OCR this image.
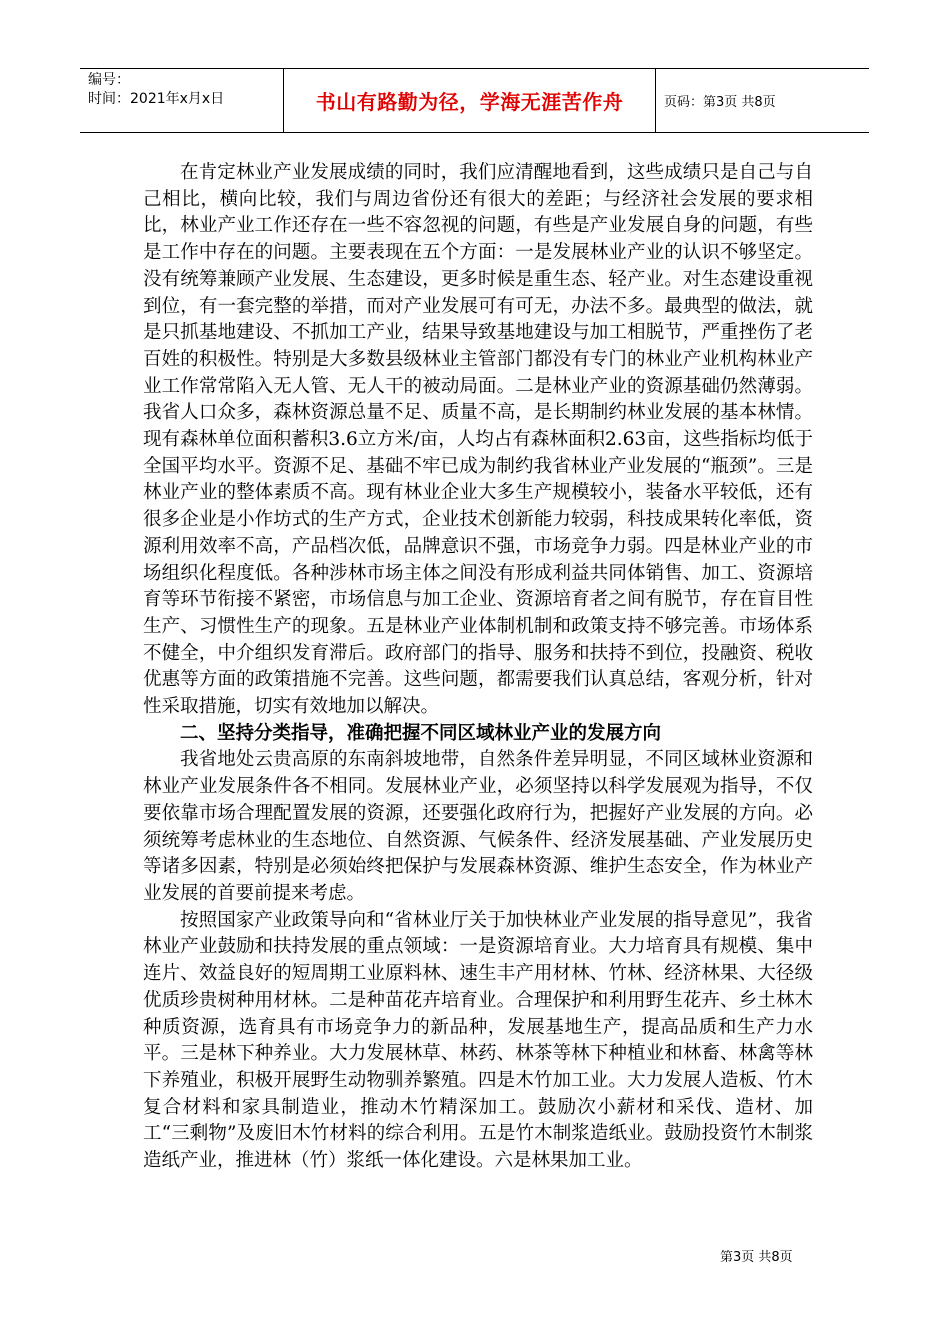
编号：
时间：2021年x月x日	书山有路勤为径，学海无涯苦作舟	页码：第3页 共8页

在肯定林业产业发展成绩的同时，我们应清醒地看到，这些成绩只是自己与自己相比，横向比较，我们与周边省份还有很大的差距；与经济社会发展的要求相比，林业产业工作还存在一些不容忽视的问题，有些是产业发展自身的问题，有些是工作中存在的问题。主要表现在五个方面：一是发展林业产业的认识不够坚定。没有统筹兼顾产业发展、生态建设，更多时候是重生态、轻产业。对生态建设重视到位，有一套完整的举措，而对产业发展可有可无，办法不多。最典型的做法，就是只抓基地建设、不抓加工产业，结果导致基地建设与加工相脱节，严重挫伤了老百姓的积极性。特别是大多数县级林业主管部门都没有专门的林业产业机构林业产业工作常常陷入无人管、无人干的被动局面。二是林业产业的资源基础仍然薄弱。我省人口众多，森林资源总量不足、质量不高，是长期制约林业发展的基本林情。现有森林单位面积蓄积3.6立方米/亩，人均占有森林面积2.63亩，这些指标均低于全国平均水平。资源不足、基础不牢已成为制约我省林业产业发展的“瓶颈”。三是林业产业的整体素质不高。现有林业企业大多生产规模较小，装备水平较低，还有很多企业是小作坊式的生产方式，企业技术创新能力较弱，科技成果转化率低，资源利用效率不高，产品档次低，品牌意识不强，市场竞争力弱。四是林业产业的市场组织化程度低。各种涉林市场主体之间没有形成利益共同体销售、加工、资源培育等环节衔接不紧密，市场信息与加工企业、资源培育者之间有脱节，存在盲目性生产、习惯性生产的现象。五是林业产业体制机制和政策支持不够完善。市场体系不健全，中介组织发育滞后。政府部门的指导、服务和扶持不到位，投融资、税收优惠等方面的政策措施不完善。这些问题，都需要我们认真总结，客观分析，针对性采取措施，切实有效地加以解决。

二、坚持分类指导，准确把握不同区域林业产业的发展方向

我省地处云贵高原的东南斜坡地带，自然条件差异明显，不同区域林业资源和林业产业发展条件各不相同。发展林业产业，必须坚持以科学发展观为指导，不仅要依靠市场合理配置发展的资源，还要强化政府行为，把握好产业发展的方向。必须统筹考虑林业的生态地位、自然资源、气候条件、经济发展基础、产业发展历史等诸多因素，特别是必须始终把保护与发展森林资源、维护生态安全，作为林业产业发展的首要前提来考虑。

按照国家产业政策导向和“省林业厅关于加快林业产业发展的指导意见”，我省林业产业鼓励和扶持发展的重点领域：一是资源培育业。大力培育具有规模、集中连片、效益良好的短周期工业原料林、速生丰产用材林、竹林、经济林果、大径级优质珍贵树种用材林。二是种苗花卉培育业。合理保护和利用野生花卉、乡土林木种质资源，选育具有市场竞争力的新品种，发展基地生产，提高品质和生产力水平。三是林下种养业。大力发展林草、林药、林茶等林下种植业和林畜、林禽等林下养殖业，积极开展野生动物驯养繁殖。四是木竹加工业。大力发展人造板、竹木复合材料和家具制造业，推动木竹精深加工。鼓励次小薪材和采伐、造材、加工“三剩物”及废旧木竹材料的综合利用。五是竹木制浆造纸业。鼓励投资竹木制浆造纸产业，推进林（竹）浆纸一体化建设。六是林果加工业。

第3页 共8页
